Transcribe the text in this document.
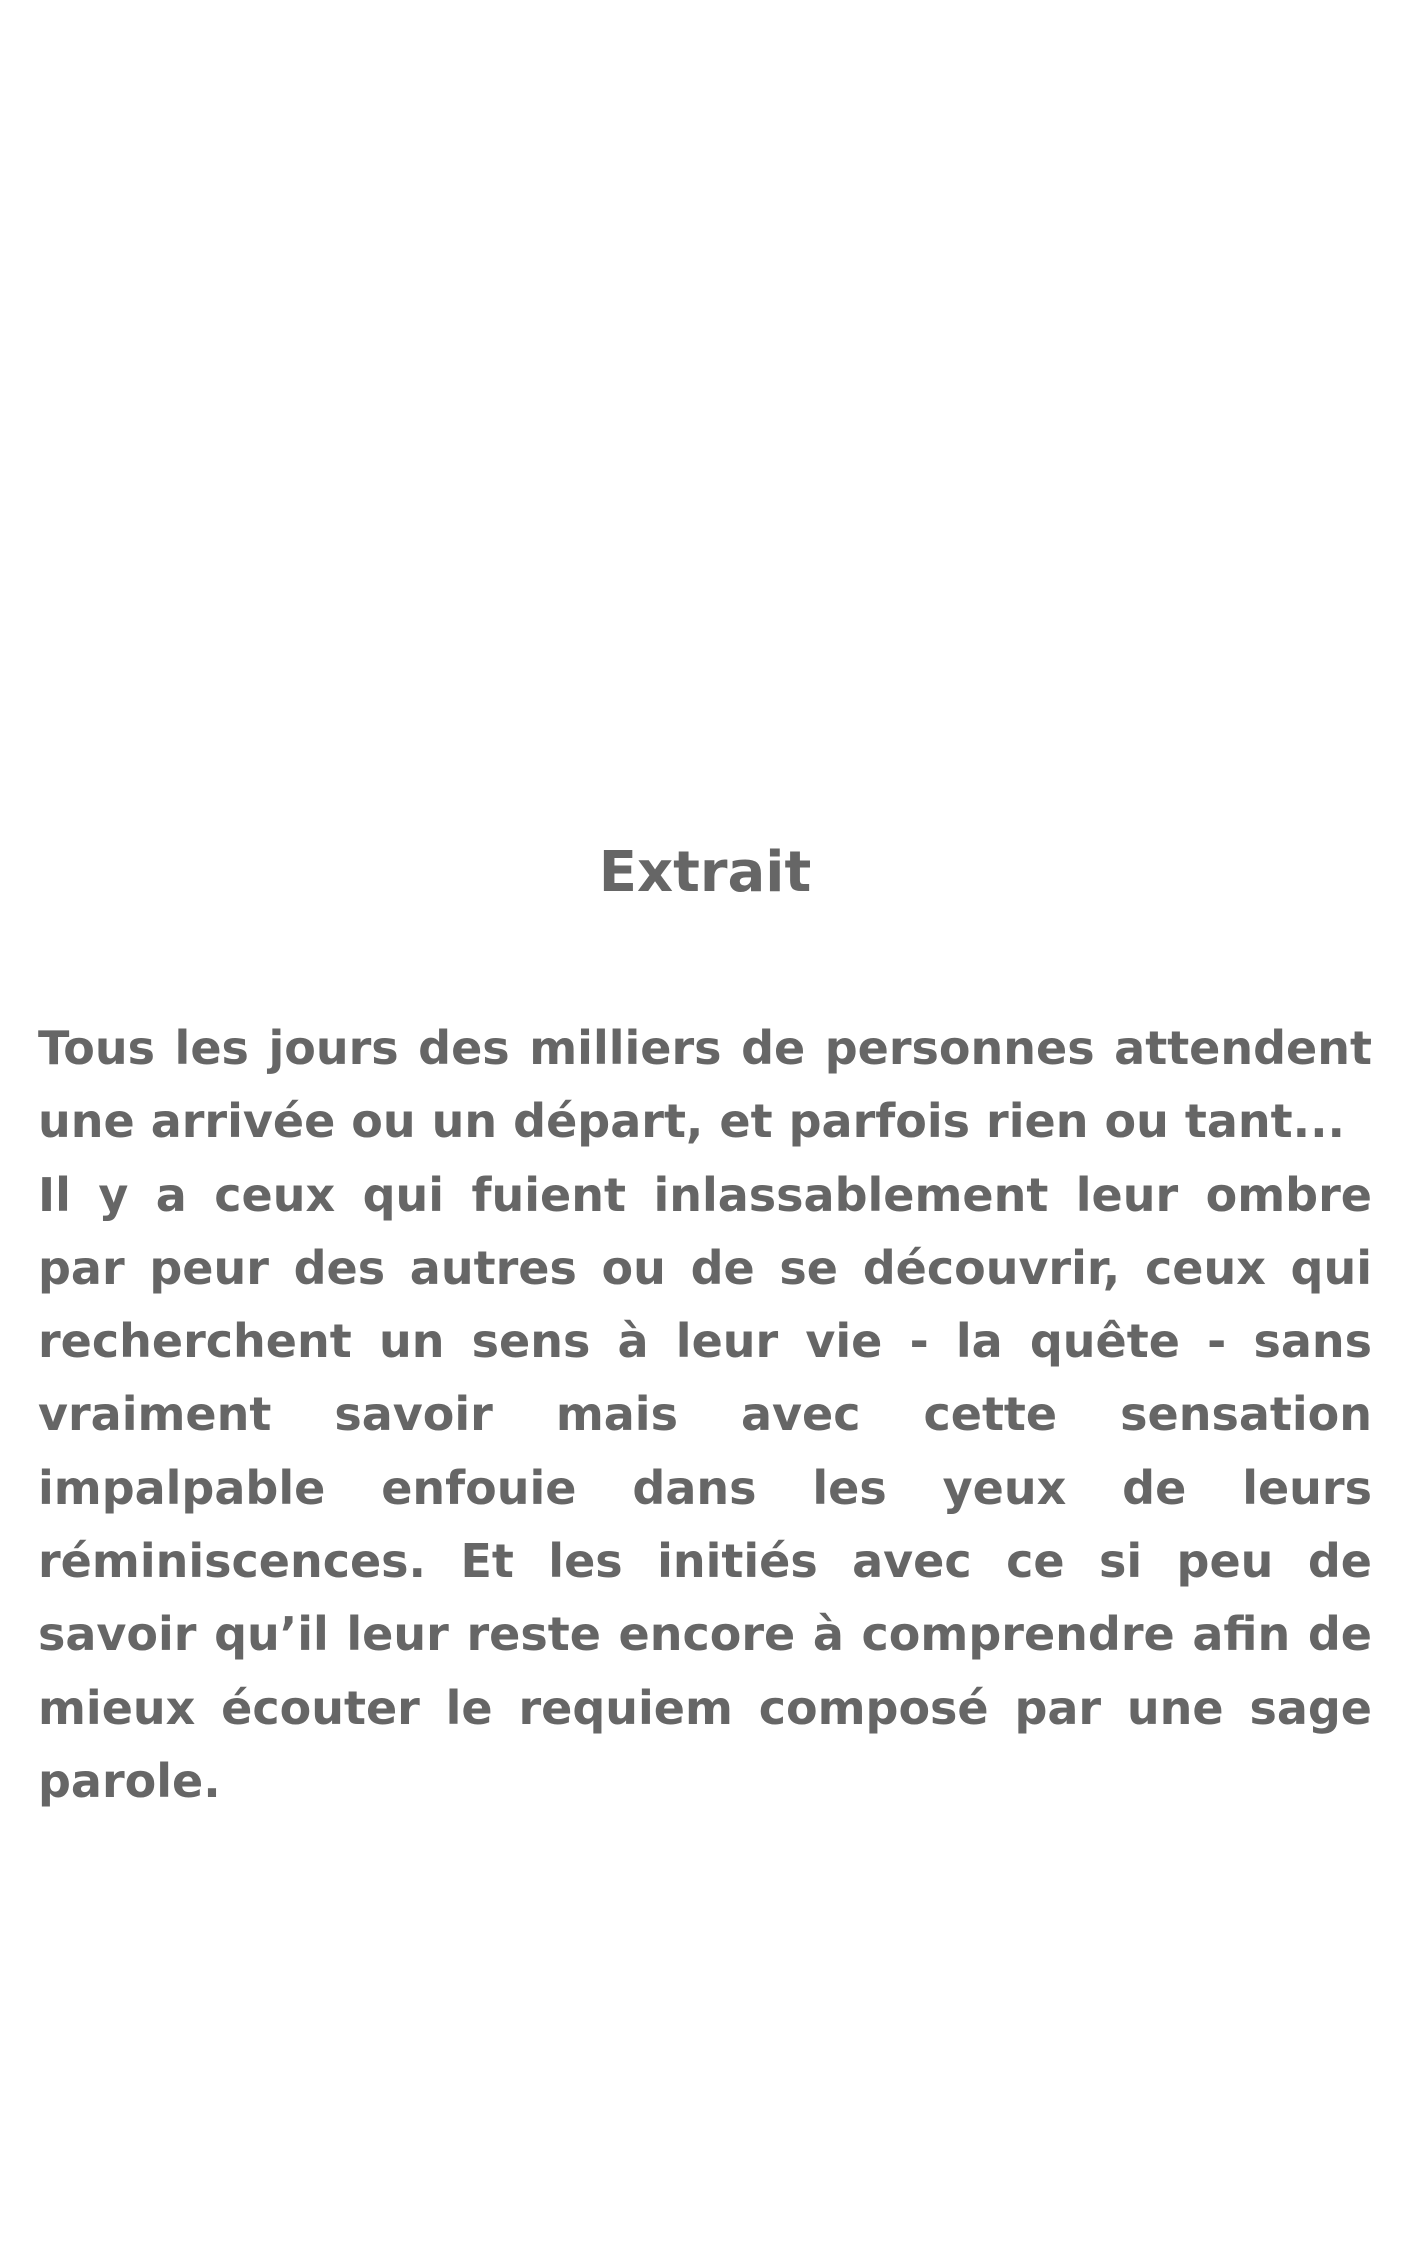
Extrait

Tous les jours des milliers de personnes attendent une arrivée ou un départ, et parfois rien ou tant...

Il y a ceux qui fuient inlassablement leur ombre par peur des autres ou de se découvrir, ceux qui recherchent un sens à leur vie - la quête - sans vraiment savoir mais avec cette sensation impalpable enfouie dans les yeux de leurs réminiscences. Et les initiés avec ce si peu de savoir qu’il leur reste encore à comprendre afin de mieux écouter le requiem composé par une sage parole.
